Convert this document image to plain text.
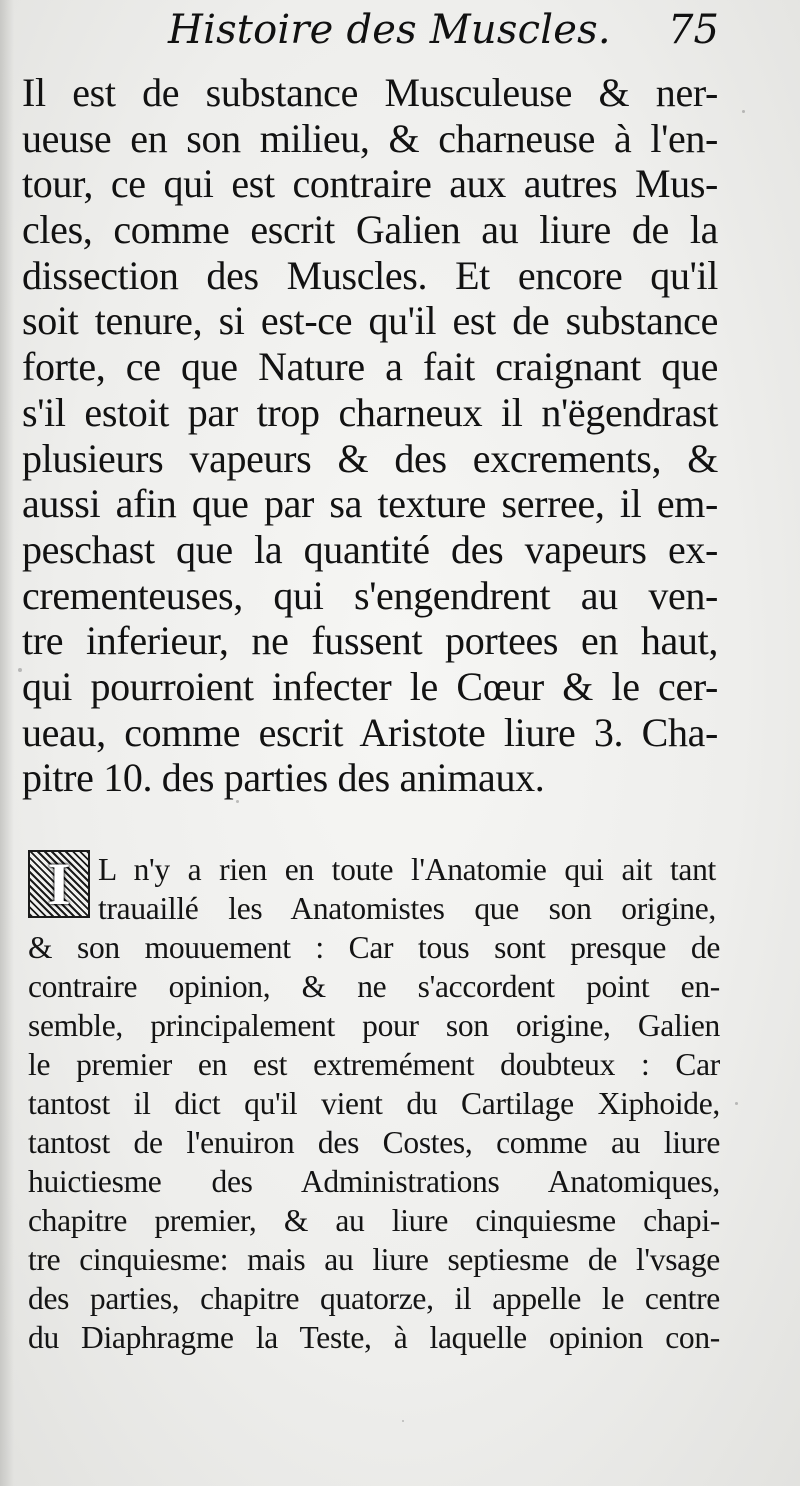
Histoire des Muscles. 75
Il est de substance Musculeuse & ner-
ueuse en son milieu, & charneuse à l'en-
tour, ce qui est contraire aux autres Mus-
cles, comme escrit Galien au liure de la
dissection des Muscles. Et encore qu'il
soit tenure, si est-ce qu'il est de substance
forte, ce que Nature a fait craignant que
s'il estoit par trop charneux il n'ëgendrast
plusieurs vapeurs & des excrements, &
aussi afin que par sa texture serree, il em-
peschast que la quantité des vapeurs ex-
crementeuses, qui s'engendrent au ven-
tre inferieur, ne fussent portees en haut,
qui pourroient infecter le Cœur & le cer-
ueau, comme escrit Aristote liure 3. Cha-
pitre 10. des parties des animaux.
I L n'y a rien en toute l'Anatomie qui ait tant
trauaillé les Anatomistes que son origine,
& son mouuement : Car tous sont presque de
contraire opinion, & ne s'accordent point en-
semble, principalement pour son origine, Galien
le premier en est extremément doubteux : Car
tantost il dict qu'il vient du Cartilage Xiphoide,
tantost de l'enuiron des Costes, comme au liure
huictiesme des Administrations Anatomiques,
chapitre premier, & au liure cinquiesme chapi-
tre cinquiesme: mais au liure septiesme de l'vsage
des parties, chapitre quatorze, il appelle le centre
du Diaphragme la Teste, à laquelle opinion con-
